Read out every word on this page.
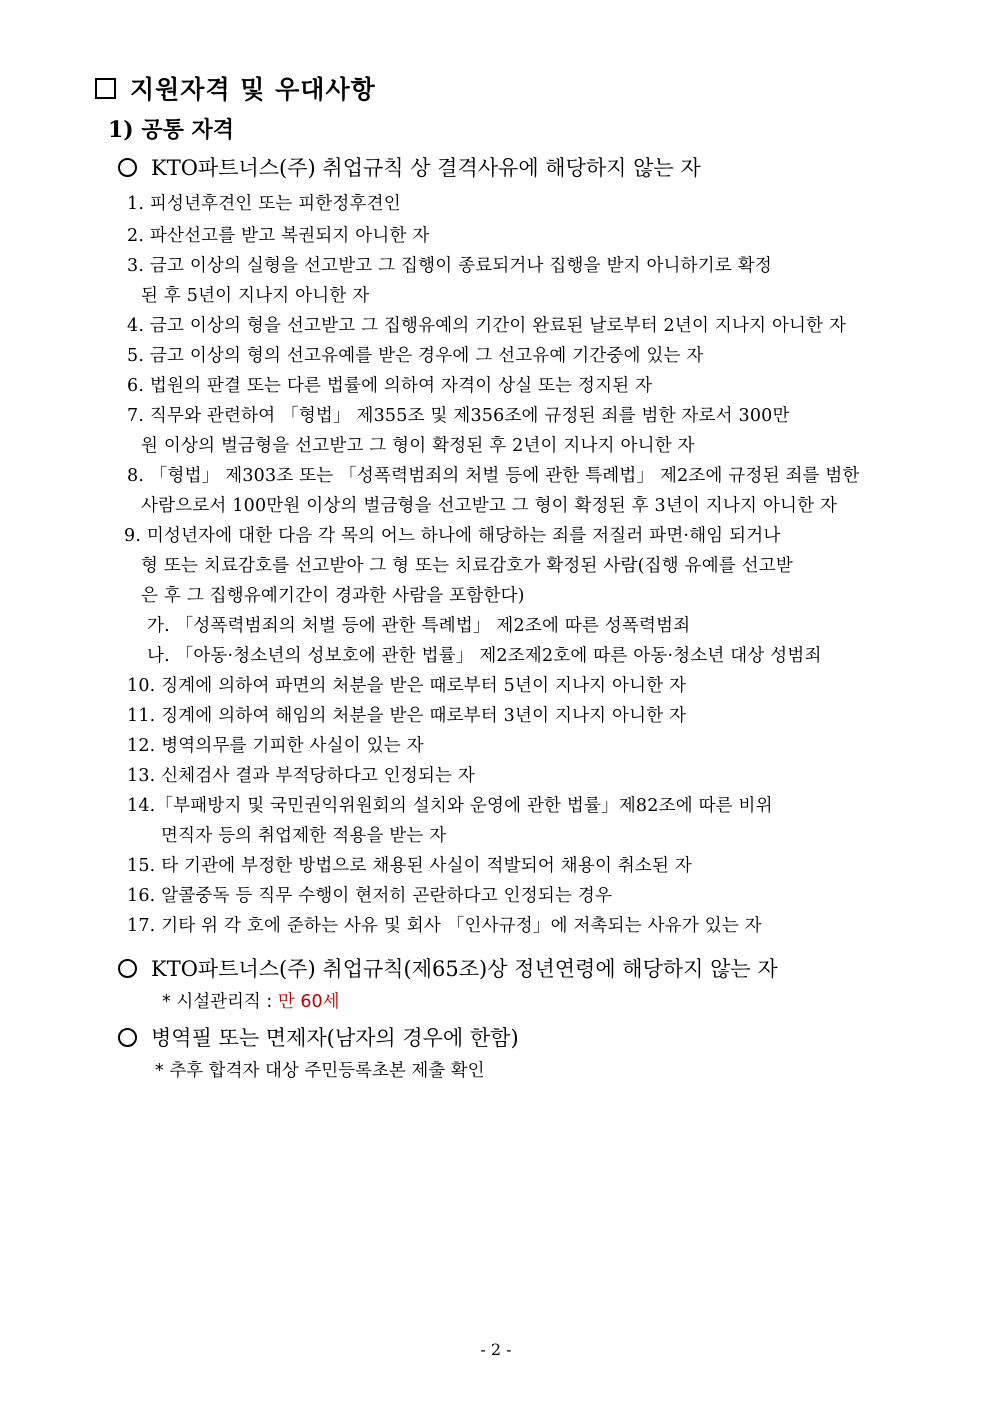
지원자격 및 우대사항
1) 공통 자격
KTO파트너스(주) 취업규칙 상 결격사유에 해당하지 않는 자
1. 피성년후견인 또는 피한정후견인
2. 파산선고를 받고 복권되지 아니한 자
3. 금고 이상의 실형을 선고받고 그 집행이 종료되거나 집행을 받지 아니하기로 확정
된 후 5년이 지나지 아니한 자
4. 금고 이상의 형을 선고받고 그 집행유예의 기간이 완료된 날로부터 2년이 지나지 아니한 자
5. 금고 이상의 형의 선고유예를 받은 경우에 그 선고유예 기간중에 있는 자
6. 법원의 판결 또는 다른 법률에 의하여 자격이 상실 또는 정지된 자
7. 직무와 관련하여 「형법」 제355조 및 제356조에 규정된 죄를 범한 자로서 300만
원 이상의 벌금형을 선고받고 그 형이 확정된 후 2년이 지나지 아니한 자
8. 「형법」 제303조 또는 「성폭력범죄의 처벌 등에 관한 특례법」 제2조에 규정된 죄를 범한
사람으로서 100만원 이상의 벌금형을 선고받고 그 형이 확정된 후 3년이 지나지 아니한 자
9. 미성년자에 대한 다음 각 목의 어느 하나에 해당하는 죄를 저질러 파면·해임 되거나
형 또는 치료감호를 선고받아 그 형 또는 치료감호가 확정된 사람(집행 유예를 선고받
은 후 그 집행유예기간이 경과한 사람을 포함한다)
가. 「성폭력범죄의 처벌 등에 관한 특례법」 제2조에 따른 성폭력범죄
나. 「아동·청소년의 성보호에 관한 법률」 제2조제2호에 따른 아동·청소년 대상 성범죄
10. 징계에 의하여 파면의 처분을 받은 때로부터 5년이 지나지 아니한 자
11. 징계에 의하여 해임의 처분을 받은 때로부터 3년이 지나지 아니한 자
12. 병역의무를 기피한 사실이 있는 자
13. 신체검사 결과 부적당하다고 인정되는 자
14.「부패방지 및 국민권익위원회의 설치와 운영에 관한 법률」제82조에 따른 비위
면직자 등의 취업제한 적용을 받는 자
15. 타 기관에 부정한 방법으로 채용된 사실이 적발되어 채용이 취소된 자
16. 알콜중독 등 직무 수행이 현저히 곤란하다고 인정되는 경우
17. 기타 위 각 호에 준하는 사유 및 회사 「인사규정」에 저촉되는 사유가 있는 자
KTO파트너스(주) 취업규칙(제65조)상 정년연령에 해당하지 않는 자
* 시설관리직 : 만 60세
병역필 또는 면제자(남자의 경우에 한함)
* 추후 합격자 대상 주민등록초본 제출 확인
- 2 -
